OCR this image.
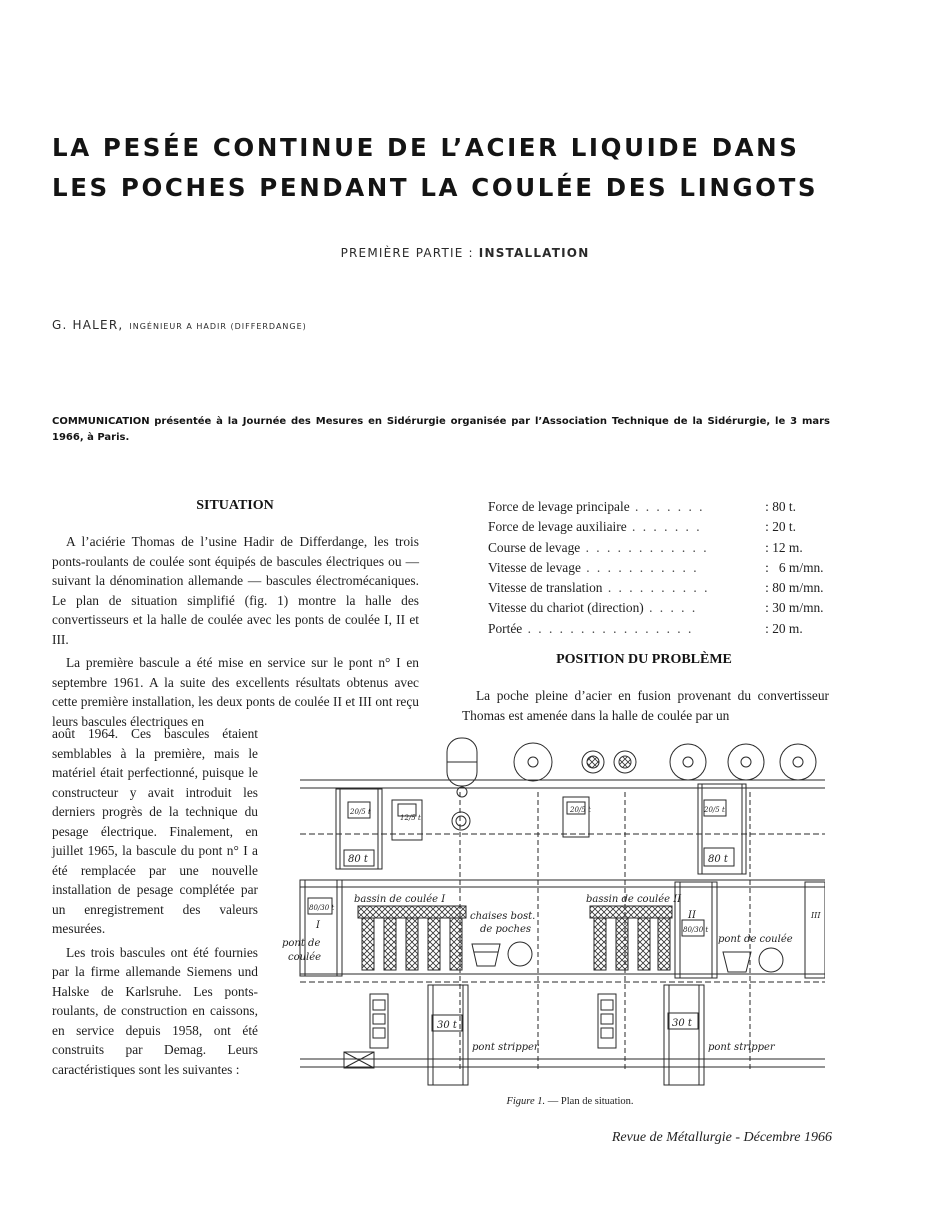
LA PESÉE CONTINUE DE L’ACIER LIQUIDE DANS
LES POCHES PENDANT LA COULÉE DES LINGOTS
PREMIÈRE PARTIE : INSTALLATION
G. HALER, INGÉNIEUR A HADIR (DIFFERDANGE)
COMMUNICATION présentée à la Journée des Mesures en Sidérurgie organisée par l’Association Technique de la Sidérurgie, le 3 mars 1966, à Paris.
SITUATION

A l’aciérie Thomas de l’usine Hadir de Differdange, les trois ponts-roulants de coulée sont équipés de bascules électriques ou — suivant la dénomination allemande — bascules électromécaniques. Le plan de situation simplifié (fig. 1) montre la halle des convertisseurs et la halle de coulée avec les ponts de coulée I, II et III.

La première bascule a été mise en service sur le pont n° I en septembre 1961. A la suite des excellents résultats obtenus avec cette première installation, les deux ponts de coulée II et III ont reçu leurs bascules électriques en

août 1964. Ces bascules étaient semblables à la première, mais le matériel était perfectionné, puisque le constructeur y avait introduit les derniers progrès de la technique du pesage électrique. Finalement, en juillet 1965, la bascule du pont n° I a été remplacée par une nouvelle installation de pesage complétée par un enregistrement des valeurs mesurées.

Les trois bascules ont été fournies par la firme allemande Siemens und Halske de Karlsruhe. Les ponts-roulants, de construction en caissons, en service depuis 1958, ont été construits par Demag. Leurs caractéristiques sont les suivantes :

Force de levage principale . . . . . . .	: 80 t.
Force de levage auxiliaire . . . . . . .	: 20 t.
Course de levage . . . . . . . . . . . .	: 12 m.
Vitesse de levage . . . . . . . . . . .	:   6 m/mn.
Vitesse de translation . . . . . . . . . .	: 80 m/mn.
Vitesse du chariot (direction) . . . . .	: 30 m/mn.
Portée . . . . . . . . . . . . . . . .	: 20 m.
POSITION DU PROBLÈME

La poche pleine d’acier en fusion provenant du convertisseur Thomas est amenée dans la halle de coulée par un

12/5 t
20/5 t	20/5 t
20/5 t
80 t	80 t
80/30 t
I	80/30 t
II	III
bassin de coulée I	bassin de coulée II
chaises bost.
de poches
pont de
coulée
pont de coulée
30 t	30 t
pont stripper	pont stripper
Figure 1. — Plan de situation.
Revue de Métallurgie - Décembre 1966
